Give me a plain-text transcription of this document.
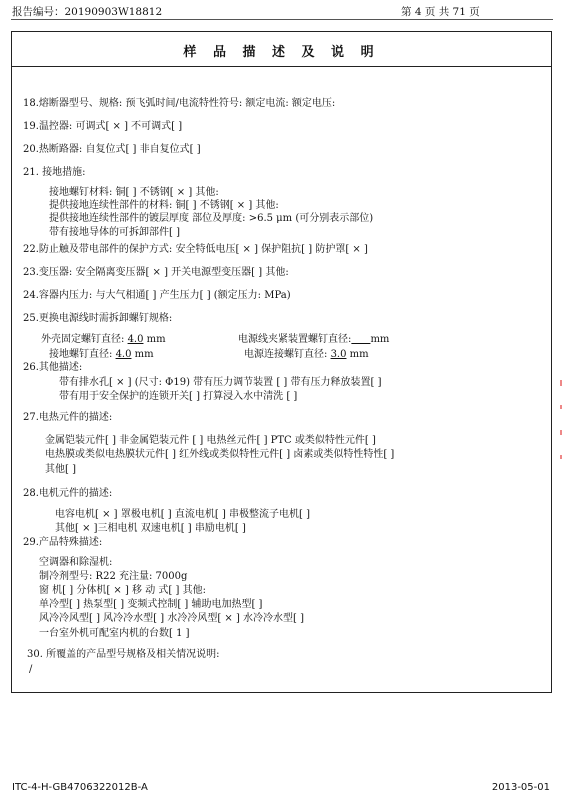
报告编号：20190903W18812	第 4 页 共 71 页
样 品 描 述 及 说 明
18.熔断器型号、规格: 预飞弧时间/电流特性符号: 额定电流: 额定电压:
19.温控器: 可调式[ × ] 不可调式[ ]
20.热断路器: 自复位式[ ] 非自复位式[ ]
21. 接地措施:
接地螺钉材料: 铜[ ] 不锈钢[ × ] 其他:
提供接地连续性部件的材料: 铜[ ] 不锈钢[ × ] 其他:
提供接地连续性部件的镀层厚度 部位及厚度: >6.5 μm (可分别表示部位)
带有接地导体的可拆卸部件[ ]
22.防止触及带电部件的保护方式: 安全特低电压[ × ] 保护阻抗[ ] 防护罩[ × ]
23.变压器: 安全隔离变压器[ × ] 开关电源型变压器[ ] 其他:
24.容器内压力: 与大气相通[ ] 产生压力[ ] (额定压力: MPa)
25.更换电源线时需拆卸螺钉规格:
外壳固定螺钉直径: 4.0 mm	电源线夹紧装置螺钉直径: mm
接地螺钉直径: 4.0 mm	电源连接螺钉直径: 3.0 mm
26.其他描述:
带有排水孔[ × ] (尺寸: Φ19) 带有压力调节装置 [ ] 带有压力释放装置[ ]
带有用于安全保护的连锁开关[ ] 打算浸入水中清洗 [ ]
27.电热元件的描述:
金属铠装元件[ ] 非金属铠装元件 [ ] 电热丝元件[ ] PTC 或类似特性元件[ ]
电热膜或类似电热膜状元件[ ] 红外线或类似特性元件[ ] 卤素或类似特性特性[ ]
其他[ ]
28.电机元件的描述:
电容电机[ × ] 罩极电机[ ] 直流电机[ ] 串极整流子电机[ ]
其他[ × ]三相电机 双速电机[ ] 串励电机[ ]
29.产品特殊描述:
空调器和除湿机:
制冷剂型号: R22 充注量: 7000g
窗 机[ ] 分体机[ × ] 移 动 式[ ] 其他:
单冷型[ ] 热泵型[ ] 变频式控制[ ] 辅助电加热型[ ]
风冷冷风型[ ] 风冷冷水型[ ] 水冷冷风型[ × ] 水冷冷水型[ ]
一台室外机可配室内机的台数[ 1 ]
30. 所覆盖的产品型号规格及相关情况说明:
/
ITC-4-H-GB4706322012B-A	2013-05-01
